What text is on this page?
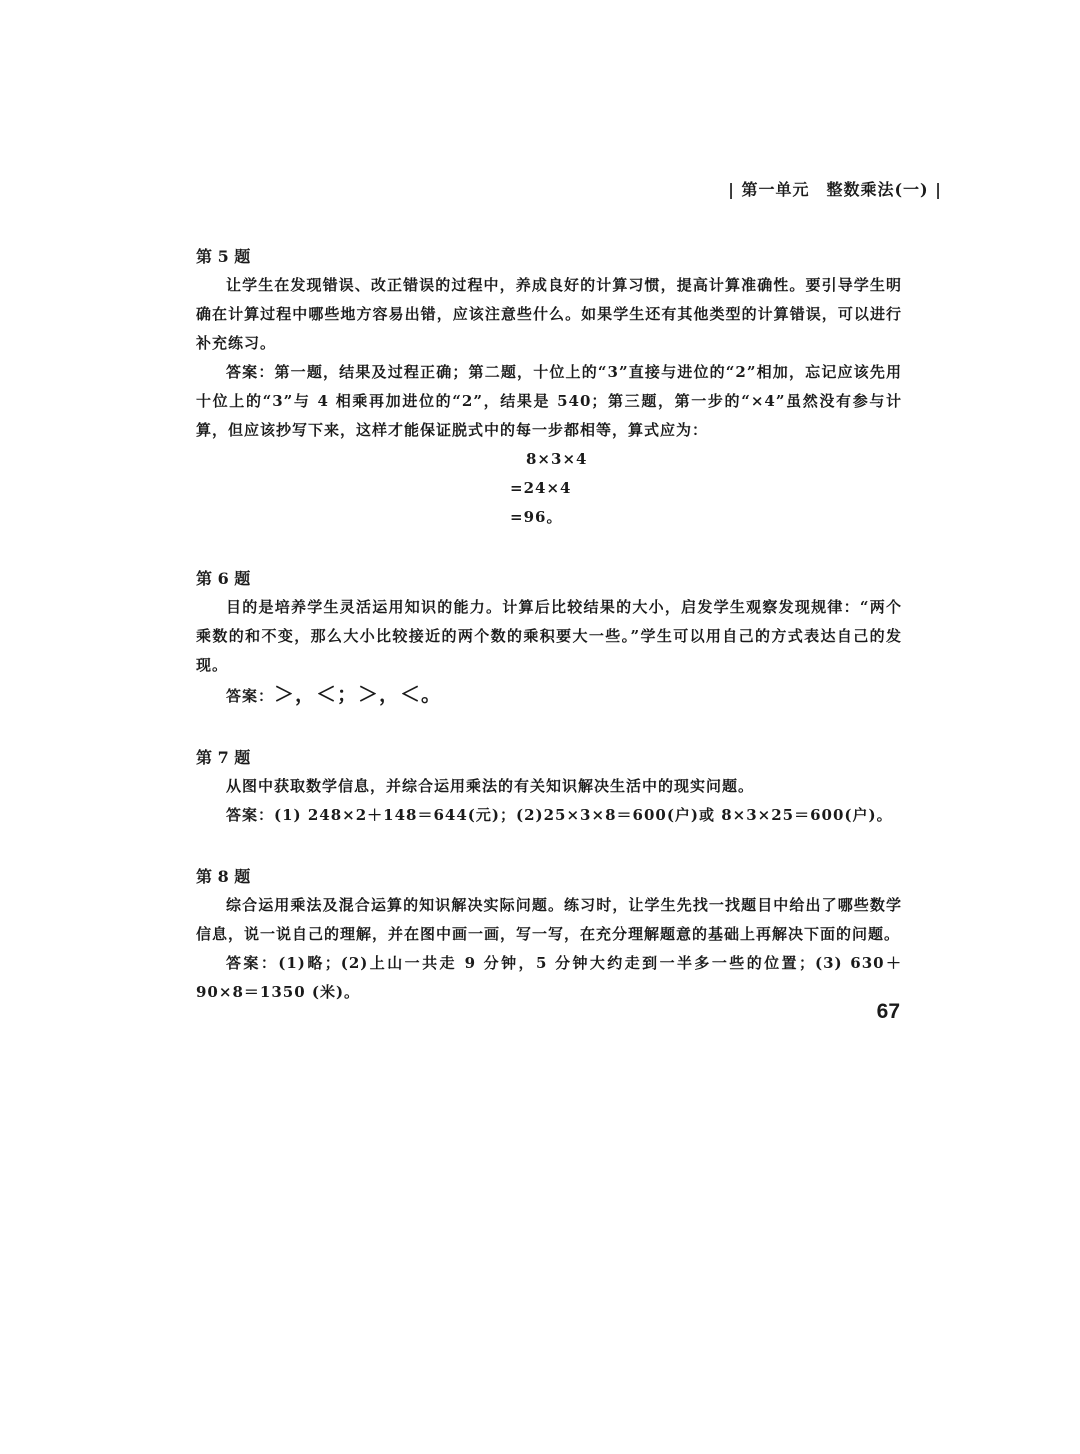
| 第一单元　整数乘法(一) |

第 5 题

让学生在发现错误、改正错误的过程中，养成良好的计算习惯，提高计算准确性。要引导学生明确在计算过程中哪些地方容易出错，应该注意些什么。如果学生还有其他类型的计算错误，可以进行补充练习。

答案：第一题，结果及过程正确；第二题，十位上的“3”直接与进位的“2”相加，忘记应该先用十位上的“3”与 4 相乘再加进位的“2”，结果是 540；第三题，第一步的“×4”虽然没有参与计算，但应该抄写下来，这样才能保证脱式中的每一步都相等，算式应为：

8×3×4

=24×4

=96。

第 6 题

目的是培养学生灵活运用知识的能力。计算后比较结果的大小，启发学生观察发现规律：“两个乘数的和不变，那么大小比较接近的两个数的乘积要大一些。”学生可以用自己的方式表达自己的发现。

答案：＞，＜；＞，＜。

第 7 题

从图中获取数学信息，并综合运用乘法的有关知识解决生活中的现实问题。

答案：(1) 248×2＋148＝644(元)；(2)25×3×8＝600(户)或 8×3×25＝600(户)。

第 8 题

综合运用乘法及混合运算的知识解决实际问题。练习时，让学生先找一找题目中给出了哪些数学信息，说一说自己的理解，并在图中画一画，写一写，在充分理解题意的基础上再解决下面的问题。

答案：(1)略；(2)上山一共走 9 分钟，5 分钟大约走到一半多一些的位置；(3) 630＋90×8＝1350 (米)。

67
